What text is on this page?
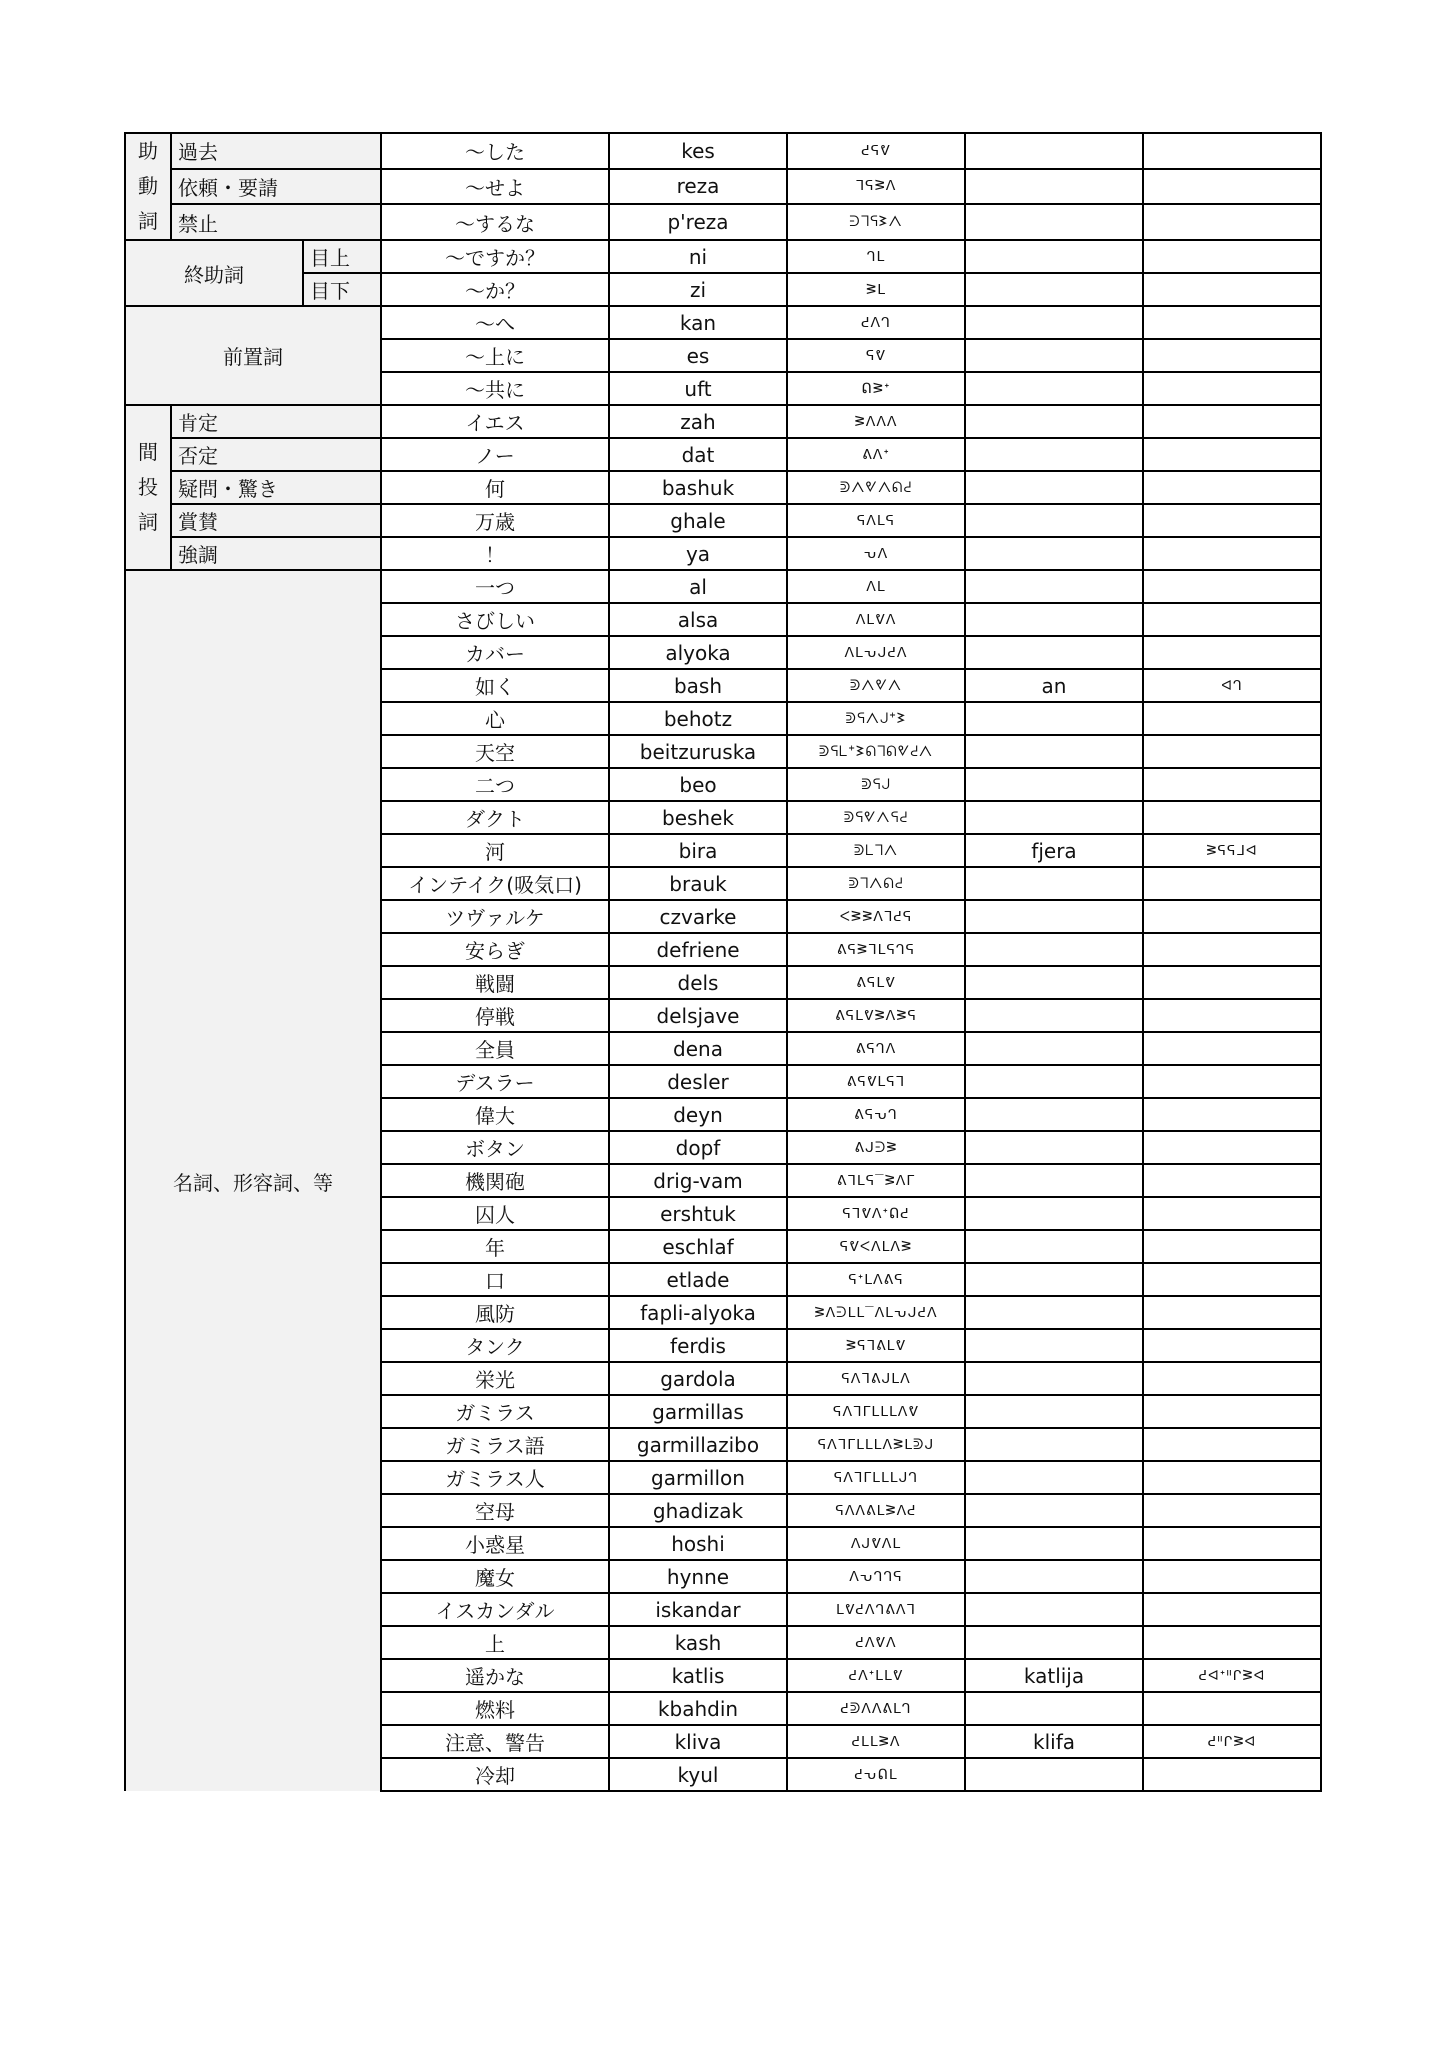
助
動
詞	過去		～した	kes	ᕍᕋᕓ		
	依頼・要請		～せよ	reza	ᒣᕋᕒᐱ		
	禁止		～するな	p'reza	ᕭᒣᕋᕒᐱ		
終助詞		目上	～ですか？	ni	ᒉᒪ		
		目下	～か？	zi	ᕒᒪ		
前置詞			～へ	kan	ᕍᐱᒉ		
			～上に	es	ᕋᕓ		
			～共に	uft	ᕠᕒᕀ		
間
投
詞	肯定		イエス	zah	ᕒᐱᐱᐱ		
	否定		ノー	dat	ᕕᐱᕀ		
	疑問・驚き		何	bashuk	ᕲᐱᕓᐱᕠᕍ		
	賞賛		万歳	ghale	ᕋᐱᒪᕋ		
	強調		！	ya	ᕃᐱ		
名詞、形容詞、等			一つ	al	ᐱᒪ		
			さびしい	alsa	ᐱᒪᕓᐱ		
			カバー	alyoka	ᐱᒪᕃᒍᕍᐱ		
			如く	bash	ᕲᐱᕓᐱ	an	ᐊᒉ
			心	behotz	ᕲᕋᐱᒍᕀᕒ		
			天空	beitzuruska	ᕲᕋᒪᕀᕒᕠᒣᕠᕓᕍᐱ		
			二つ	beo	ᕲᕋᒍ		
			ダクト	beshek	ᕲᕋᕓᐱᕋᕍ		
			河	bira	ᕲᒪᒣᐱ	fjera	ᕒᕋᕋᒧᐊ
			インテイク(吸気口)	brauk	ᕲᒣᐱᕠᕍ		
			ツヴァルケ	czvarke	ᐸᕒᕒᐱᒣᕍᕋ		
			安らぎ	defriene	ᕕᕋᕒᒣᒪᕋᒉᕋ		
			戦闘	dels	ᕕᕋᒪᕓ		
			停戦	delsjave	ᕕᕋᒪᕓᕒᐱᕒᕋ		
			全員	dena	ᕕᕋᒉᐱ		
			デスラー	desler	ᕕᕋᕓᒪᕋᒣ		
			偉大	deyn	ᕕᕋᕃᒉ		
			ボタン	dopf	ᕕᒍᕭᕒ		
			機関砲	drig-vam	ᕕᒣᒪᕋ‾ᕒᐱᒥ		
			囚人	ershtuk	ᕋᒣᕓᐱᕀᕠᕍ		
			年	eschlaf	ᕋᕓᐸᐱᒪᐱᕒ		
			口	etlade	ᕋᕀᒪᐱᕕᕋ		
			風防	fapli-alyoka	ᕒᐱᕭᒪᒪ‾ᐱᒪᕃᒍᕍᐱ		
			タンク	ferdis	ᕒᕋᒣᕕᒪᕓ		
			栄光	gardola	ᕋᐱᒣᕕᒍᒪᐱ		
			ガミラス	garmillas	ᕋᐱᒣᒥᒪᒪᒪᐱᕓ		
			ガミラス語	garmillazibo	ᕋᐱᒣᒥᒪᒪᒪᐱᕒᒪᕲᒍ		
			ガミラス人	garmillon	ᕋᐱᒣᒥᒪᒪᒪᒍᒉ		
			空母	ghadizak	ᕋᐱᐱᕕᒪᕒᐱᕍ		
			小惑星	hoshi	ᐱᒍᕓᐱᒪ		
			魔女	hynne	ᐱᕃᒉᒉᕋ		
			イスカンダル	iskandar	ᒪᕓᕍᐱᒉᕕᐱᒣ		
			上	kash	ᕍᐱᕓᐱ		
			遥かな	katlis	ᕍᐱᕀᒪᒪᕓ	katlija	ᕍᐊᕀᐦᒋᕒᐊ
			燃料	kbahdin	ᕍᕲᐱᐱᕕᒪᒉ		
			注意、警告	kliva	ᕍᒪᒪᕒᐱ	klifa	ᕍᐦᒋᕒᐊ
			冷却	kyul	ᕍᕃᕠᒪ		
